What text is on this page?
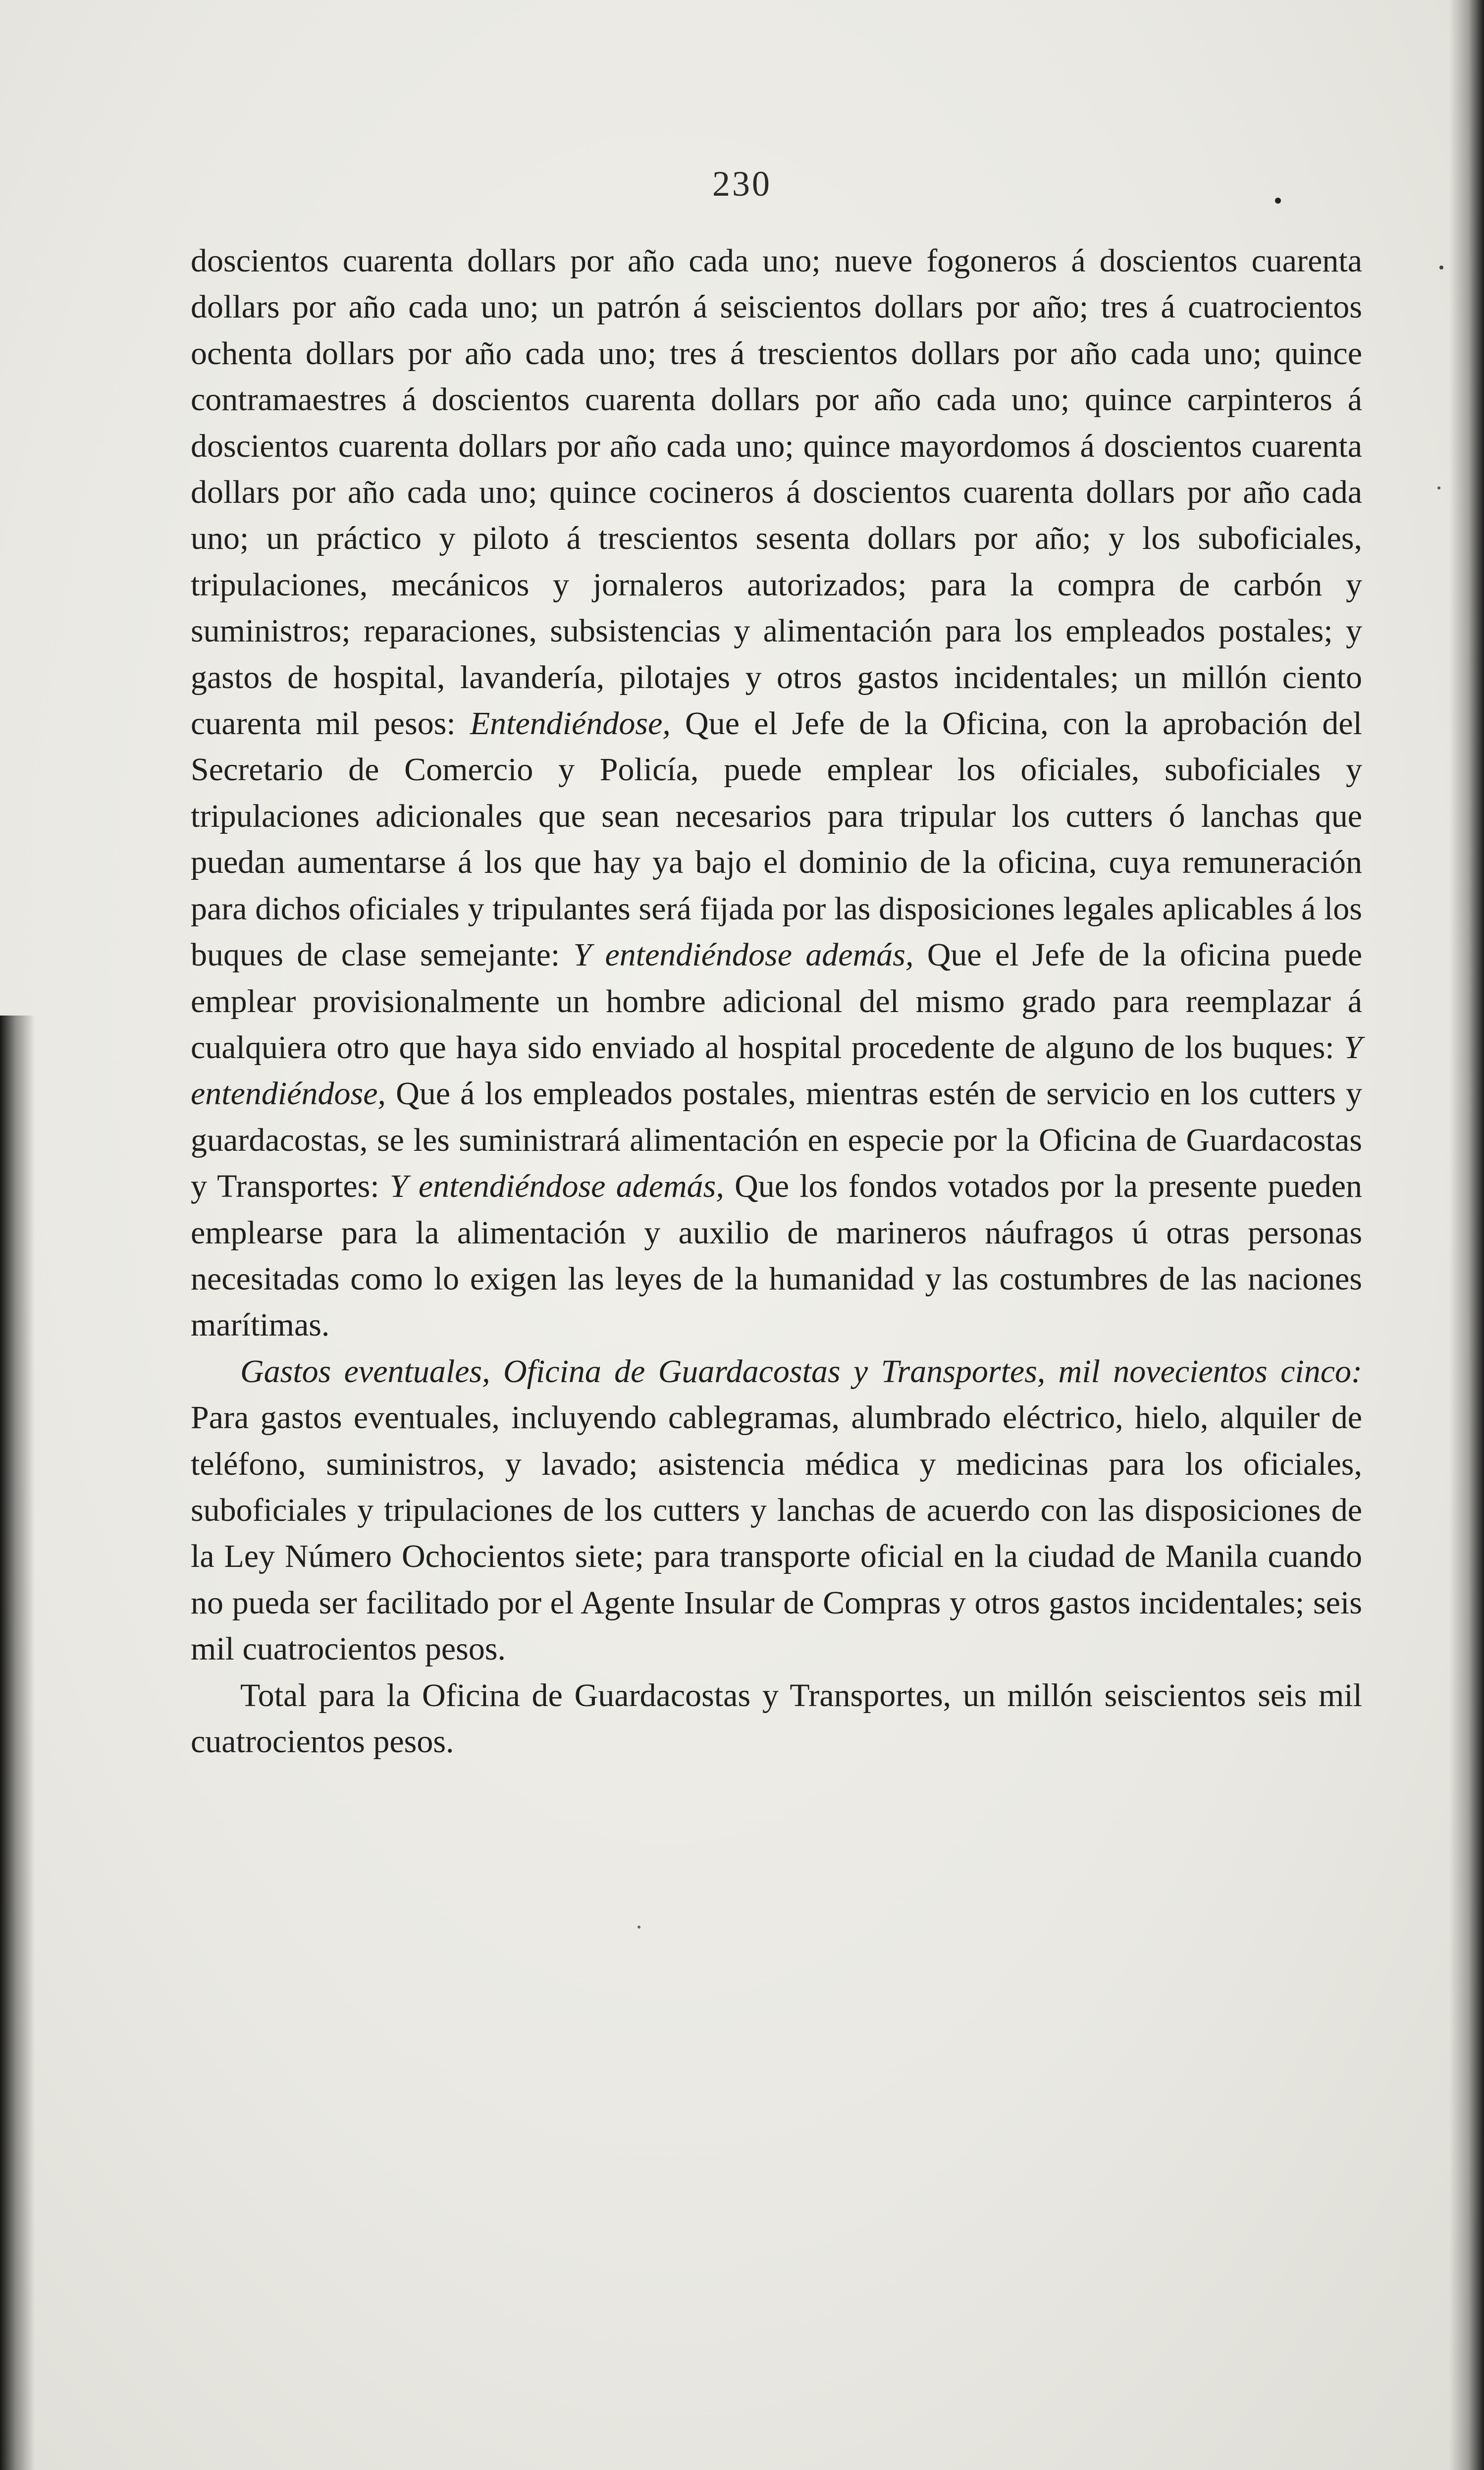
230

doscientos cuarenta dollars por año cada uno; nueve fogoneros á doscientos cuarenta dollars por año cada uno; un patrón á seiscientos dollars por año; tres á cuatrocientos ochenta dollars por año cada uno; tres á trescientos dollars por año cada uno; quince contramaestres á doscientos cuarenta dollars por año cada uno; quince carpinteros á doscientos cuarenta dollars por año cada uno; quince mayordomos á doscientos cuarenta dollars por año cada uno; quince cocineros á doscientos cuarenta dollars por año cada uno; un práctico y piloto á trescientos sesenta dollars por año; y los suboficiales, tripulaciones, mecánicos y jornaleros autorizados; para la compra de carbón y suministros; reparaciones, subsistencias y alimentación para los empleados postales; y gastos de hospital, lavandería, pilotajes y otros gastos incidentales; un millón ciento cuarenta mil pesos: Entendiéndose, Que el Jefe de la Oficina, con la aprobación del Secretario de Comercio y Policía, puede emplear los oficiales, suboficiales y tripulaciones adicionales que sean necesarios para tripular los cutters ó lanchas que puedan aumentarse á los que hay ya bajo el dominio de la oficina, cuya remuneración para dichos oficiales y tripulantes será fijada por las disposiciones legales aplicables á los buques de clase semejante: Y entendiéndose además, Que el Jefe de la oficina puede emplear provisionalmente un hombre adicional del mismo grado para reemplazar á cualquiera otro que haya sido enviado al hospital procedente de alguno de los buques: Y entendiéndose, Que á los empleados postales, mientras estén de servicio en los cutters y guardacostas, se les suministrará alimentación en especie por la Oficina de Guardacostas y Transportes: Y entendiéndose además, Que los fondos votados por la presente pueden emplearse para la alimentación y auxilio de marineros náufragos ú otras personas necesitadas como lo exigen las leyes de la humanidad y las costumbres de las naciones marítimas.

Gastos eventuales, Oficina de Guardacostas y Transportes, mil novecientos cinco: Para gastos eventuales, incluyendo cablegramas, alumbrado eléctrico, hielo, alquiler de teléfono, suministros, y lavado; asistencia médica y medicinas para los oficiales, suboficiales y tripulaciones de los cutters y lanchas de acuerdo con las disposiciones de la Ley Número Ochocientos siete; para transporte oficial en la ciudad de Manila cuando no pueda ser facilitado por el Agente Insular de Compras y otros gastos incidentales; seis mil cuatrocientos pesos.

Total para la Oficina de Guardacostas y Transportes, un millón seiscientos seis mil cuatrocientos pesos.
